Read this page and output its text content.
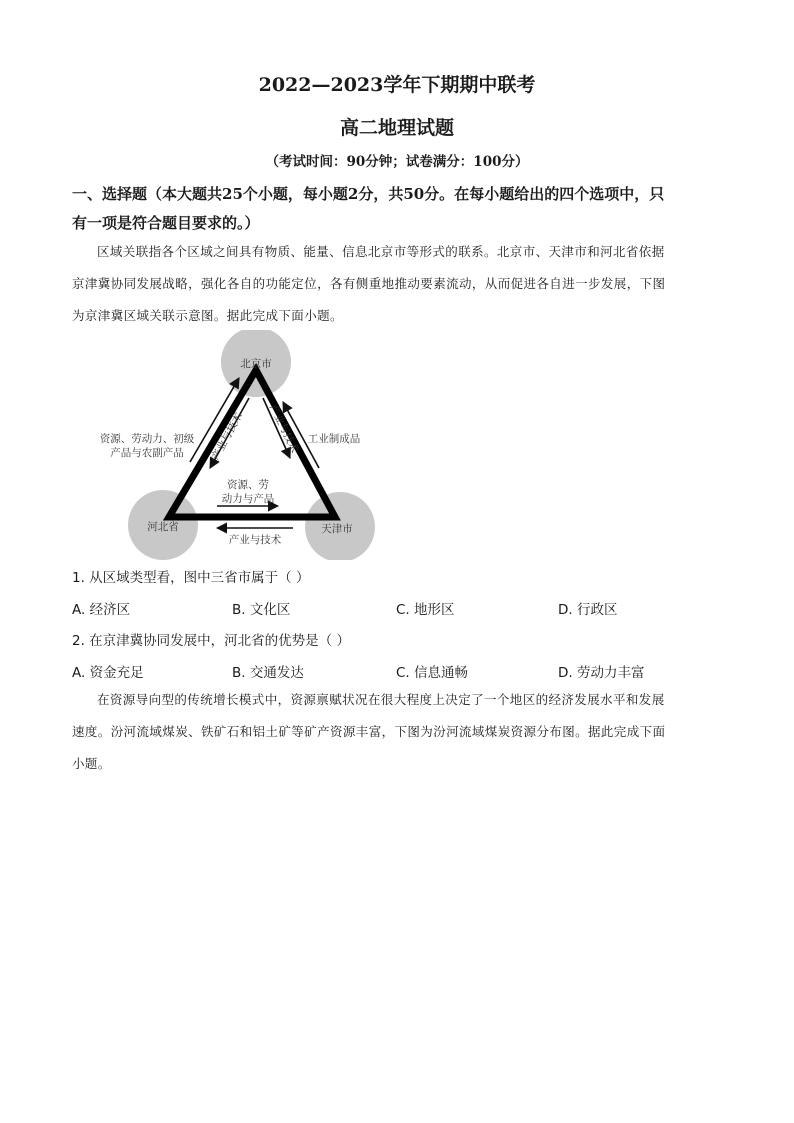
2022—2023学年下期期中联考
高二地理试题
（考试时间：90分钟；试卷满分：100分）
一、选择题（本大题共25个小题，每小题2分，共50分。在每小题给出的四个选项中，只
有一项是符合题目要求的。）
区域关联指各个区域之间具有物质、能量、信息北京市等形式的联系。北京市、天津市和河北省依据
京津冀协同发展战略，强化各自的功能定位，各有侧重地推动要素流动，从而促进各自进一步发展，下图
为京津冀区域关联示意图。据此完成下面小题。
北京市
河北省	天津市
资源、劳动力、初级
产品与农副产品
工业制成品
产业与技术 产业与技术
资源、劳
动力与产品
产业与技术
1. 从区域类型看，图中三省市属于（ ）
A. 经济区	B. 文化区	C. 地形区	D. 行政区
2. 在京津冀协同发展中，河北省的优势是（ ）
A. 资金充足	B. 交通发达	C. 信息通畅	D. 劳动力丰富
在资源导向型的传统增长模式中，资源禀赋状况在很大程度上决定了一个地区的经济发展水平和发展
速度。汾河流域煤炭、铁矿石和铝土矿等矿产资源丰富，下图为汾河流域煤炭资源分布图。据此完成下面
小题。
